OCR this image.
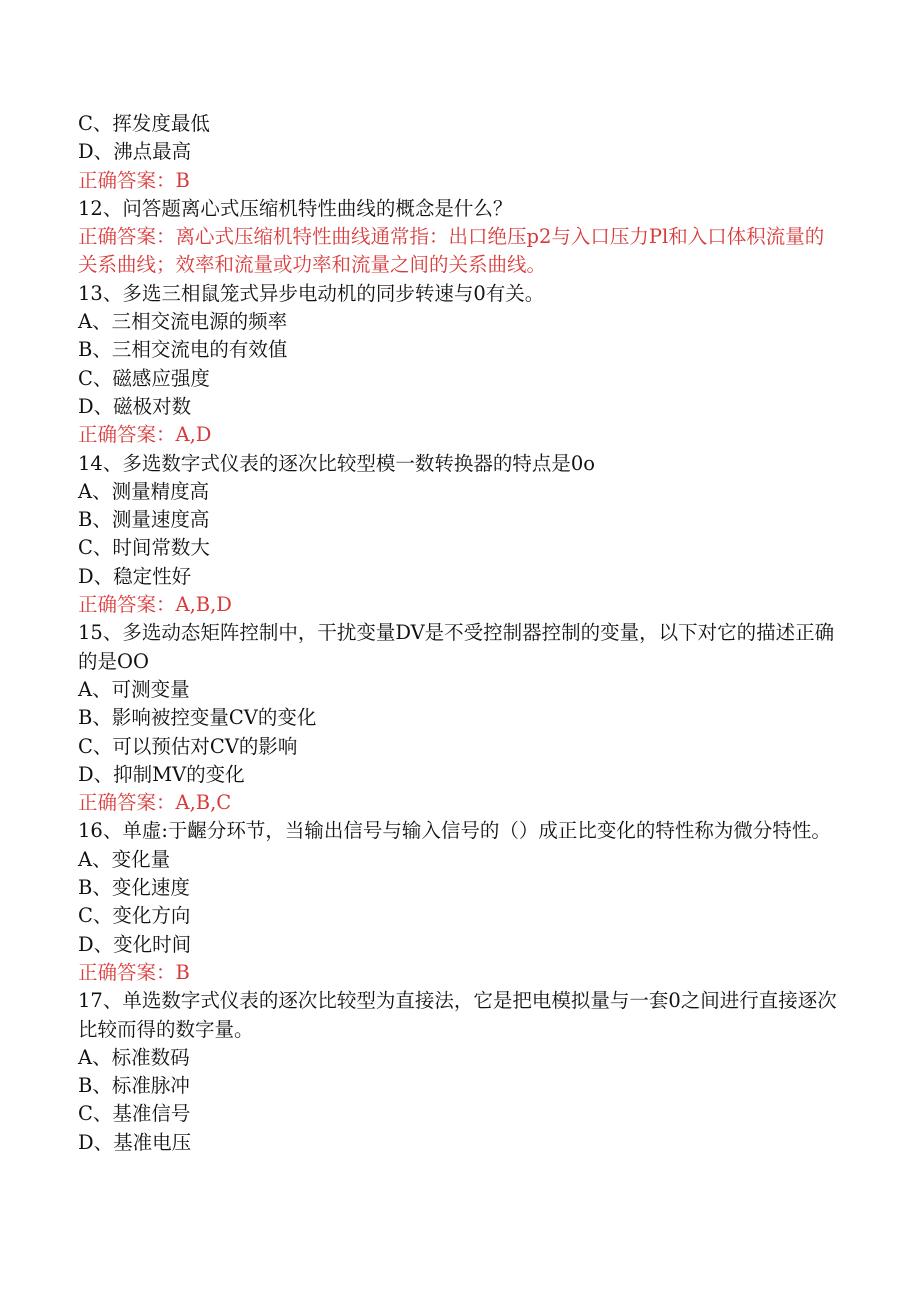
C、挥发度最低

D、沸点最高

正确答案：B

12、问答题离心式压缩机特性曲线的概念是什么？

正确答案：离心式压缩机特性曲线通常指：出口绝压p2与入口压力Pl和入口体积流量的关系曲线；效率和流量或功率和流量之间的关系曲线。

13、多选三相鼠笼式异步电动机的同步转速与0有关。

A、三相交流电源的频率

B、三相交流电的有效值

C、磁感应强度

D、磁极对数

正确答案：A,D

14、多选数字式仪表的逐次比较型模一数转换器的特点是0o

A、测量精度高

B、测量速度高

C、时间常数大

D、稳定性好

正确答案：A,B,D

15、多选动态矩阵控制中，干扰变量DV是不受控制器控制的变量，以下对它的描述正确的是OO

A、可测变量

B、影响被控变量CV的变化

C、可以预估对CV的影响

D、抑制MV的变化

正确答案：A,B,C

16、单虛:于齷分环节，当输出信号与输入信号的（）成正比变化的特性称为微分特性。

A、变化量

B、变化速度

C、变化方向

D、变化时间

正确答案：B

17、单选数字式仪表的逐次比较型为直接法，它是把电模拟量与一套0之间进行直接逐次比较而得的数字量。

A、标准数码

B、标准脉冲

C、基准信号

D、基准电压
